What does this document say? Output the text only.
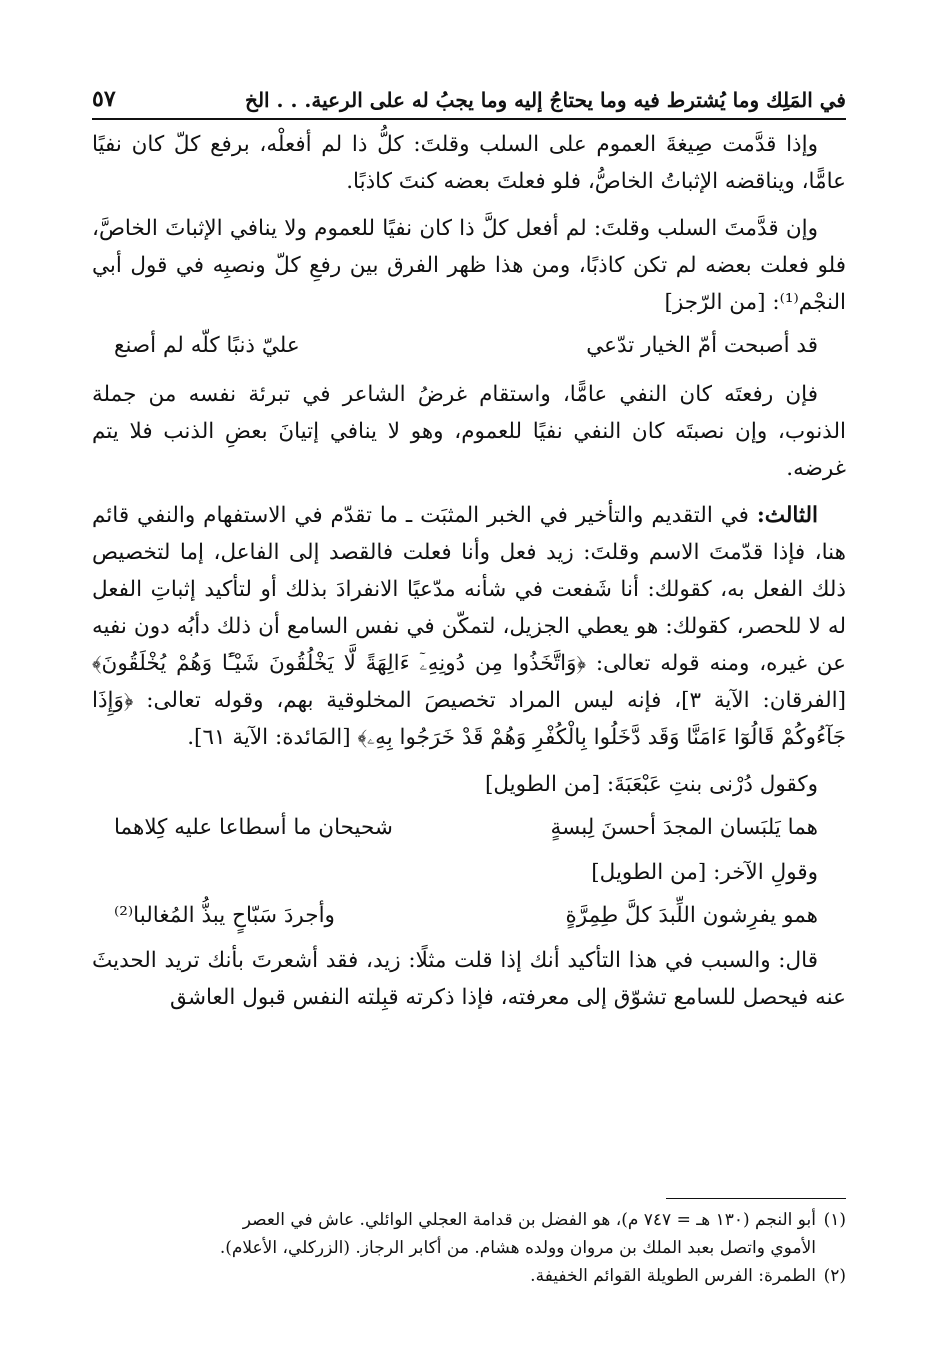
في المَلِك وما يُشترط فيه وما يحتاجُ إليه وما يجبُ له على الرعية. . . الخ
٥٧

وإذا قدَّمت صِيغةَ العموم على السلب وقلتَ: كلُّ ذا لم أفعلْه، برفع كلّ كان نفيًا عامًّا، ويناقضه الإثباتُ الخاصُّ، فلو فعلتَ بعضه كنتَ كاذبًا.

وإن قدَّمتَ السلب وقلتَ: لم أفعل كلَّ ذا كان نفيًا للعموم ولا ينافي الإثباتَ الخاصَّ، فلو فعلت بعضه لم تكن كاذبًا، ومن هذا ظهر الفرق بين رفعِ كلّ ونصبِه في قول أبي النجْم⁽¹⁾: [من الرّجز]

قد أصبحت أمّ الخيار تدّعي
عليّ ذنبًا كلّه لم أصنع

فإن رفعتَه كان النفي عامًّا، واستقام غرضُ الشاعر في تبرئة نفسه من جملة الذنوب، وإن نصبتَه كان النفي نفيًا للعموم، وهو لا ينافي إتيانَ بعضِ الذنب فلا يتم غرضه.

الثالث: في التقديم والتأخير في الخبر المثبَت ـ ما تقدّم في الاستفهام والنفي قائم هنا، فإذا قدّمتَ الاسم وقلتَ: زيد فعل وأنا فعلت فالقصد إلى الفاعل، إما لتخصيص ذلك الفعل به، كقولك: أنا شَفعت في شأنه مدّعيًا الانفرادَ بذلك أو لتأكيد إثباتِ الفعل له لا للحصر، كقولك: هو يعطي الجزيل، لتمكّن في نفس السامع أن ذلك دأبُه دون نفيه عن غيره، ومنه قوله تعالى: ﴿وَاتَّخَذُوا مِن دُونِهِۦٓ ءَالِهَةً لَّا يَخْلُقُونَ شَيْـًٔا وَهُمْ يُخْلَقُونَ﴾ [الفرقان: الآية ٣]، فإنه ليس المراد تخصيصَ المخلوقية بهم، وقوله تعالى: ﴿وَإِذَا جَآءُوكُمْ قَالُوٓا ءَامَنَّا وَقَد دَّخَلُوا بِالْكُفْرِ وَهُمْ قَدْ خَرَجُوا بِهِۦ﴾ [المَائدة: الآية ٦١].

وكقول دُرْنى بنتِ عَبْعَبَةَ: [من الطويل]
هما يَلبَسان المجدَ أحسنَ لِبسةٍ
شحيحان ما أسطاعا عليه كِلاهما
وقولِ الآخر: [من الطويل]
همو يفرِشون اللِّبدَ كلَّ طِمِرَّةٍ
وأجردَ سَبّاحٍ يبذُّ المُغالبا⁽²⁾

قال: والسبب في هذا التأكيد أنك إذا قلت مثلًا: زيد، فقد أشعرتَ بأنك تريد الحديثَ عنه فيحصل للسامع تشوّق إلى معرفته، فإذا ذكرته قبِلته النفس قبول العاشق

(١)أبو النجم (١٣٠ هـ = ٧٤٧ م)، هو الفضل بن قدامة العجلي الوائلي. عاش في العصر

الأموي واتصل بعبد الملك بن مروان وولده هشام. من أكابر الرجاز. (الزركلي، الأعلام).

(٢)الطمرة: الفرس الطويلة القوائم الخفيفة.
